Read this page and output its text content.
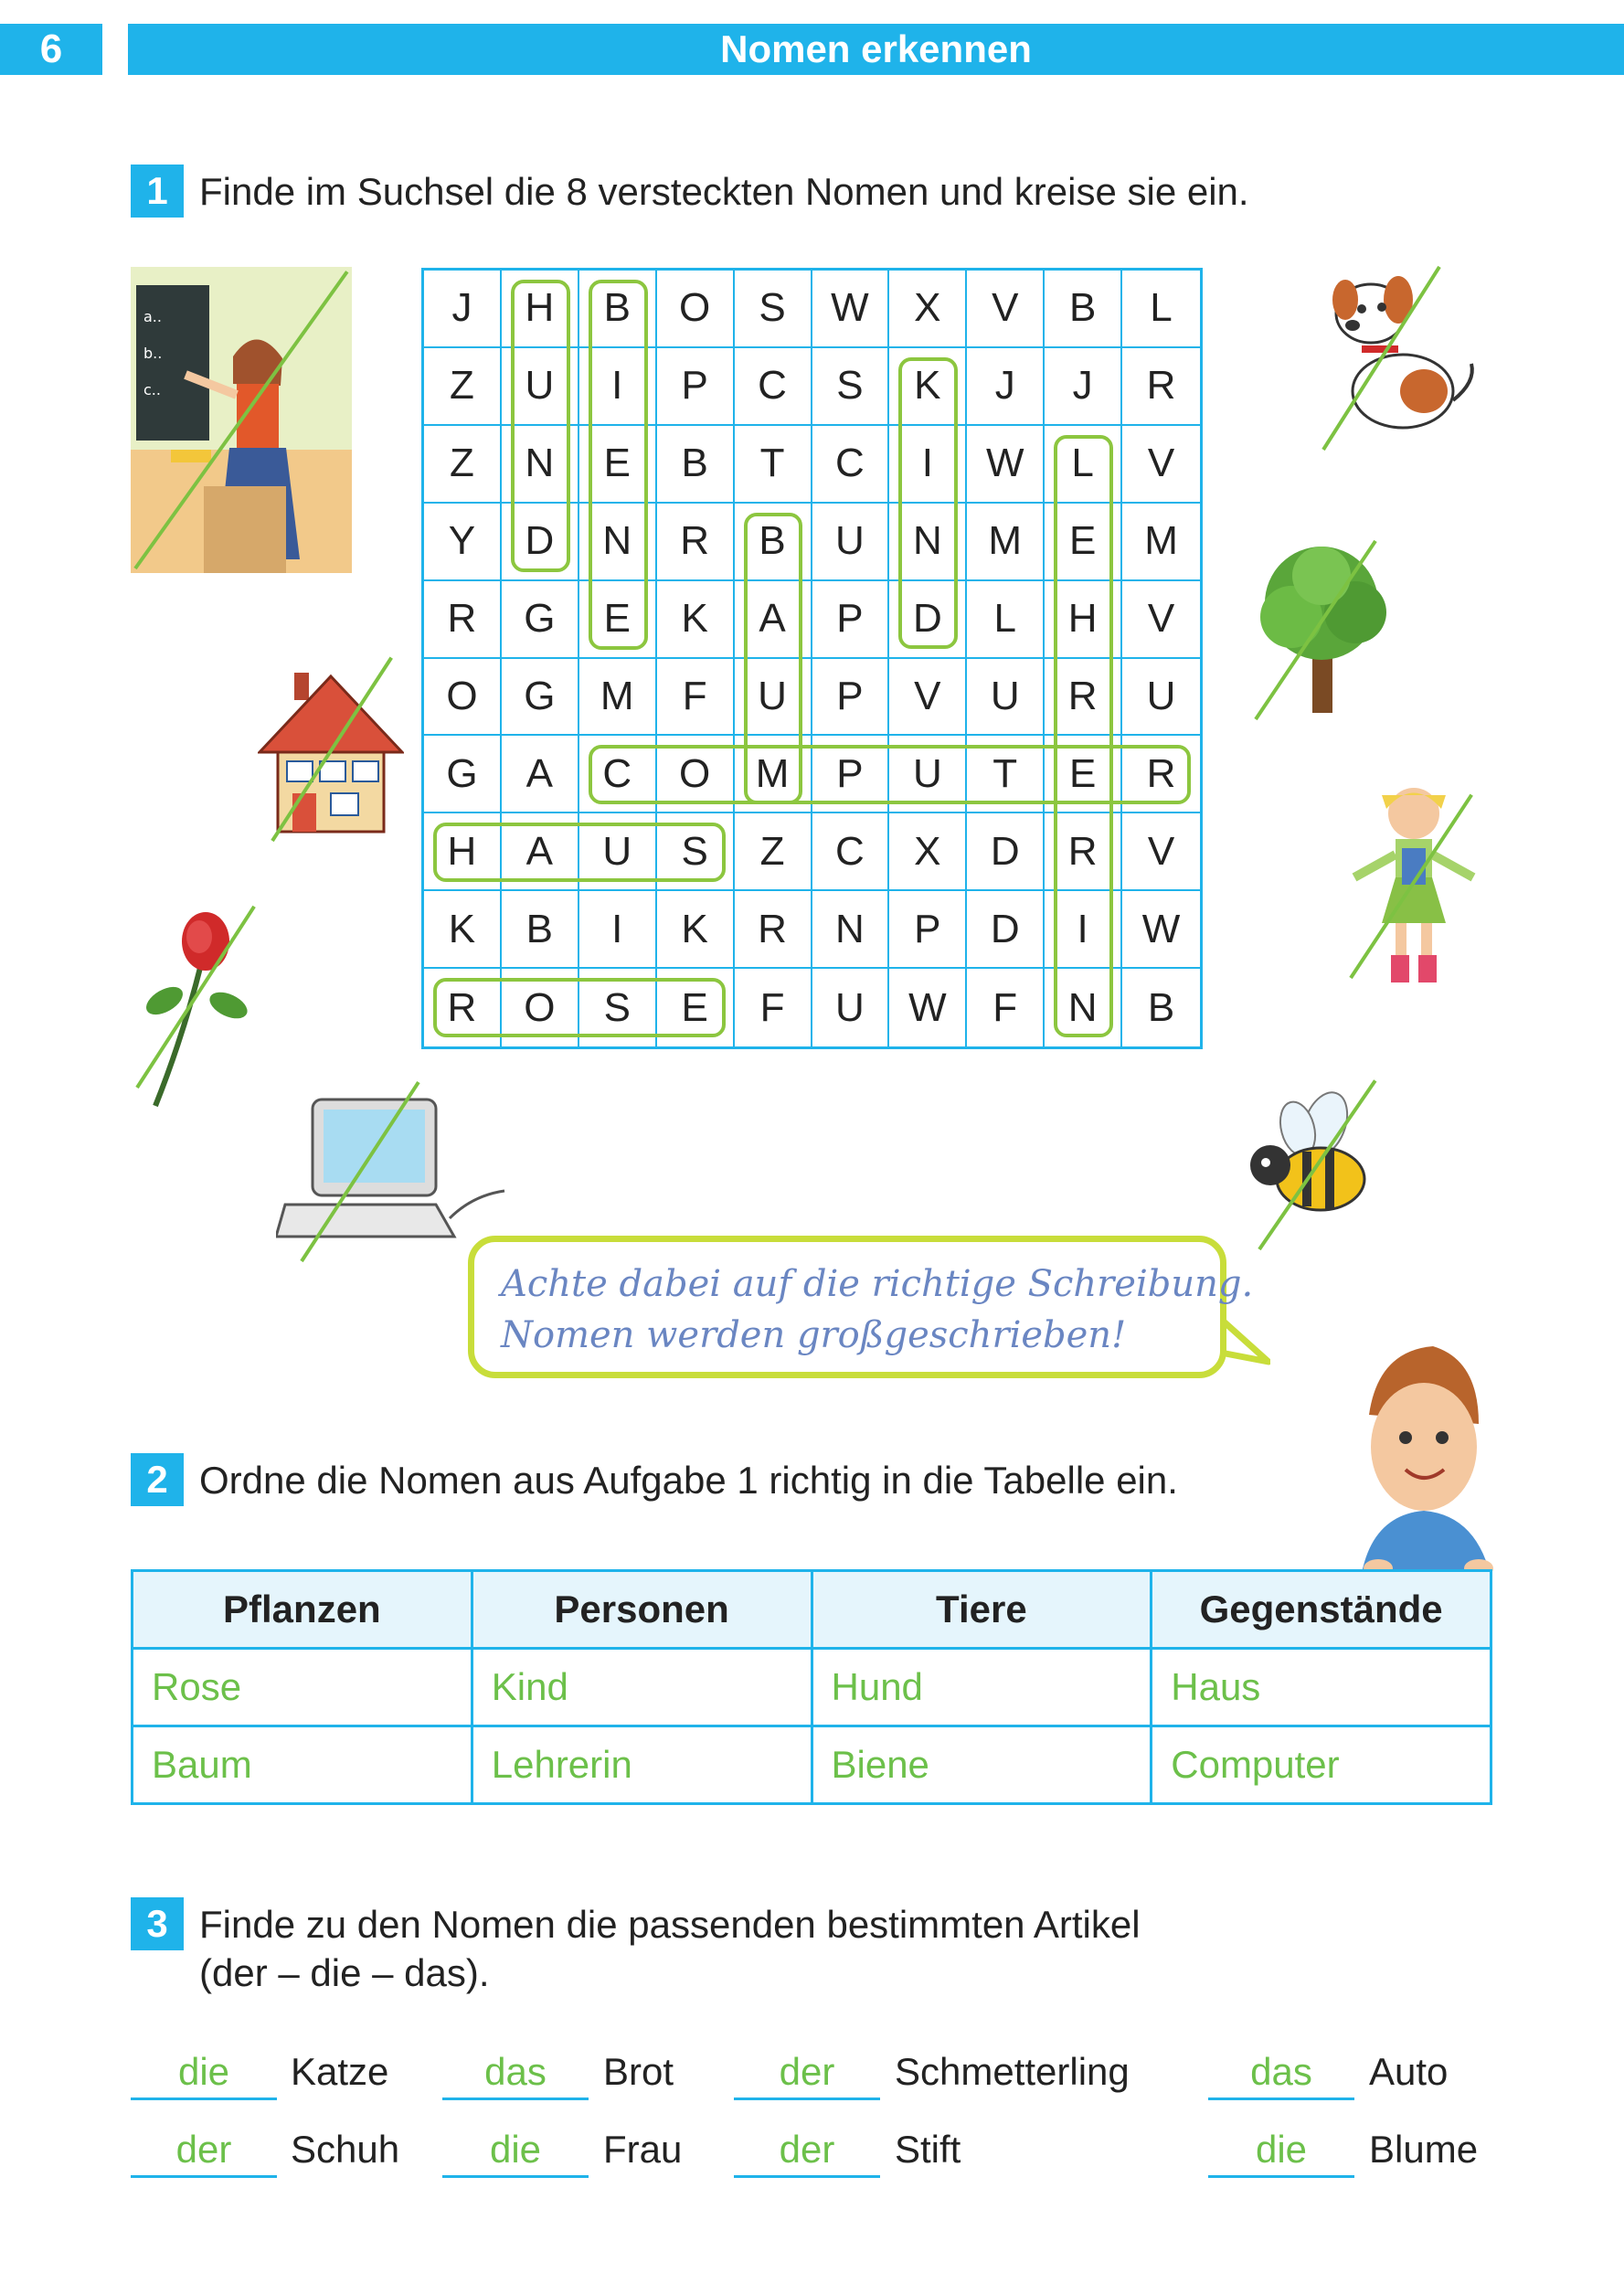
6	Nomen erkennen
1 Finde im Suchsel die 8 versteckten Nomen und kreise sie ein.
J	H	B	O	S	W	X	V	B	L
Z	U	I	P	C	S	K	J	J	R
Z	N	E	B	T	C	I	W	L	V
Y	D	N	R	B	U	N	M	E	M
R	G	E	K	A	P	D	L	H	V
O	G	M	F	U	P	V	U	R	U
G	A	C	O	M	P	U	T	E	R
H	A	U	S	Z	C	X	D	R	V
K	B	I	K	R	N	P	D	I	W
R	O	S	E	F	U	W	F	N	B
a..
b..
c..
Achte dabei auf die richtige Schreibung.
Nomen werden großgeschrieben!
2 Ordne die Nomen aus Aufgabe 1 richtig in die Tabelle ein.
Pflanzen	Personen	Tiere	Gegenstände
Rose	Kind	Hund	Haus
Baum	Lehrerin	Biene	Computer
3 Finde zu den Nomen die passenden bestimmten Artikel
(der – die – das).
die	Katze	das	Brot	der	Schmetterling	das	Auto
der	Schuh	die	Frau	der	Stift	die	Blume
